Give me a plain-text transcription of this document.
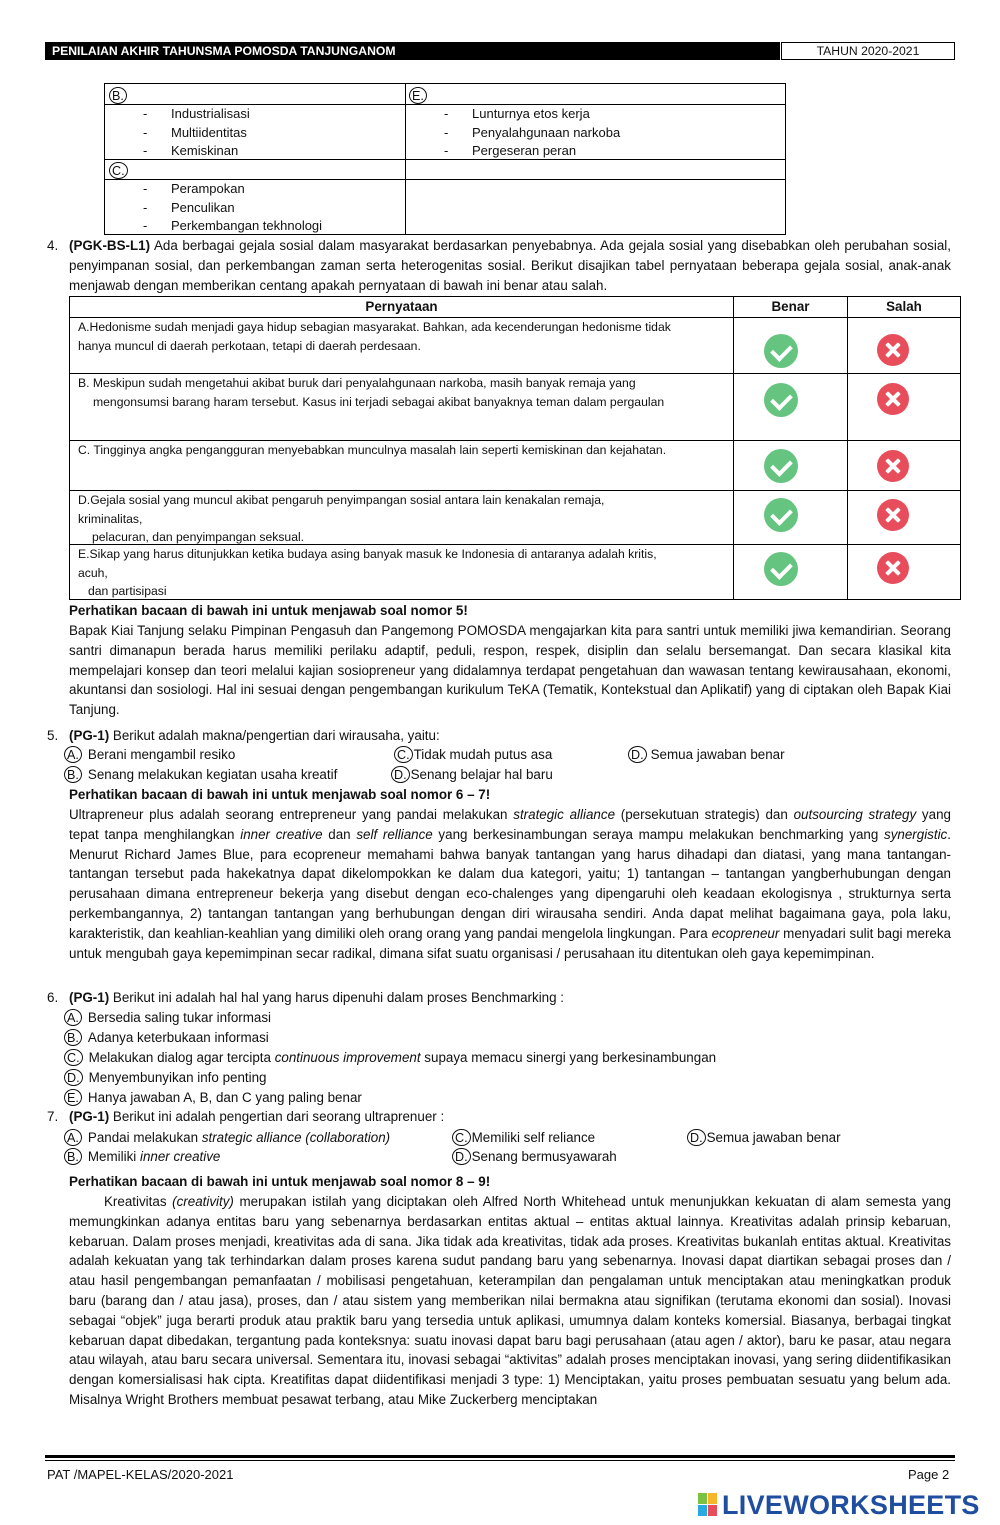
PENILAIAN AKHIR TAHUNSMA POMOSDA TANJUNGANOM	TAHUN 2020-2021
B.
- Industrialisasi
- Multiidentitas
- Kemiskinan
E.
- Lunturnya etos kerja
- Penyalahgunaan narkoba
- Pergeseran peran
C.
- Perampokan
- Penculikan
- Perkembangan tekhnologi
4. (PGK-BS-L1) Ada berbagai gejala sosial dalam masyarakat berdasarkan penyebabnya. Ada gejala sosial yang disebabkan oleh perubahan sosial, penyimpanan sosial, dan perkembangan zaman serta heterogenitas sosial. Berikut disajikan tabel pernyataan beberapa gejala sosial, anak-anak menjawab dengan memberikan centang apakah pernyataan di bawah ini benar atau salah.
Pernyataan	Benar	Salah
A.Hedonisme sudah menjadi gaya hidup sebagian masyarakat. Bahkan, ada kecenderungan hedonisme tidak
hanya muncul di daerah perkotaan, tetapi di daerah perdesaan.
B. Meskipun sudah mengetahui akibat buruk dari penyalahgunaan narkoba, masih banyak remaja yang
mengonsumsi barang haram tersebut. Kasus ini terjadi sebagai akibat banyaknya teman dalam pergaulan
C. Tingginya angka pengangguran menyebabkan munculnya masalah lain seperti kemiskinan dan kejahatan.
D.Gejala sosial yang muncul akibat pengaruh penyimpangan sosial antara lain kenakalan remaja,
kriminalitas,
pelacuran, dan penyimpangan seksual.
E.Sikap yang harus ditunjukkan ketika budaya asing banyak masuk ke Indonesia di antaranya adalah kritis,
acuh,
dan partisipasi
Perhatikan bacaan di bawah ini untuk menjawab soal nomor 5!
Bapak Kiai Tanjung selaku Pimpinan Pengasuh dan Pangemong POMOSDA mengajarkan kita para santri untuk memiliki jiwa kemandirian. Seorang santri dimanapun berada harus memiliki perilaku adaptif, peduli, respon, respek, disiplin dan selalu bersemangat. Dan secara klasikal kita mempelajari konsep dan teori melalui kajian sosiopreneur yang didalamnya terdapat pengetahuan dan wawasan tentang kewirausahaan, ekonomi, akuntansi dan sosiologi. Hal ini sesuai dengan pengembangan kurikulum TeKA (Tematik, Kontekstual dan Aplikatif) yang di ciptakan oleh Bapak Kiai Tanjung.
5. (PG-1) Berikut adalah makna/pengertian dari wirausaha, yaitu:
A. Berani mengambil resiko	C. Tidak mudah putus asa	D. Semua jawaban benar
B. Senang melakukan kegiatan usaha kreatif	D. Senang belajar hal baru
Perhatikan bacaan di bawah ini untuk menjawab soal nomor 6 – 7!
Ultrapreneur plus adalah seorang entrepreneur yang pandai melakukan strategic alliance (persekutuan strategis) dan outsourcing strategy yang tepat tanpa menghilangkan inner creative dan self relliance yang berkesinambungan seraya mampu melakukan benchmarking yang synergistic. Menurut Richard James Blue, para ecopreneur memahami bahwa banyak tantangan yang harus dihadapi dan diatasi, yang mana tantangan-tantangan tersebut pada hakekatnya dapat dikelompokkan ke dalam dua kategori, yaitu; 1) tantangan – tantangan yangberhubungan dengan perusahaan dimana entrepreneur bekerja yang disebut dengan eco-chalenges yang dipengaruhi oleh keadaan ekologisnya , strukturnya serta perkembangannya, 2) tantangan tantangan yang berhubungan dengan diri wirausaha sendiri. Anda dapat melihat bagaimana gaya, pola laku, karakteristik, dan keahlian-keahlian yang dimiliki oleh orang orang yang pandai mengelola lingkungan. Para ecopreneur menyadari sulit bagi mereka untuk mengubah gaya kepemimpinan secar radikal, dimana sifat suatu organisasi / perusahaan itu ditentukan oleh gaya kepemimpinan.
6. (PG-1) Berikut ini adalah hal hal yang harus dipenuhi dalam proses Benchmarking :
A. Bersedia saling tukar informasi
B. Adanya keterbukaan informasi
C. Melakukan dialog agar tercipta continuous improvement supaya memacu sinergi yang berkesinambungan
D. Menyembunyikan info penting
E. Hanya jawaban A, B, dan C yang paling benar
7. (PG-1) Berikut ini adalah pengertian dari seorang ultraprenuer :
A. Pandai melakukan strategic alliance (collaboration)	C. Memiliki self reliance	D. Semua jawaban benar
B. Memiliki inner creative	D. Senang bermusyawarah
Perhatikan bacaan di bawah ini untuk menjawab soal nomor 8 – 9!
Kreativitas (creativity) merupakan istilah yang diciptakan oleh Alfred North Whitehead untuk menunjukkan kekuatan di alam semesta yang memungkinkan adanya entitas baru yang sebenarnya berdasarkan entitas aktual – entitas aktual lainnya. Kreativitas adalah prinsip kebaruan, kebaruan. Dalam proses menjadi, kreativitas ada di sana. Jika tidak ada kreativitas, tidak ada proses. Kreativitas bukanlah entitas aktual. Kreativitas adalah kekuatan yang tak terhindarkan dalam proses karena sudut pandang baru yang sebenarnya. Inovasi dapat diartikan sebagai proses dan / atau hasil pengembangan pemanfaatan / mobilisasi pengetahuan, keterampilan dan pengalaman untuk menciptakan atau meningkatkan produk baru (barang dan / atau jasa), proses, dan / atau sistem yang memberikan nilai bermakna atau signifikan (terutama ekonomi dan sosial). Inovasi sebagai “objek” juga berarti produk atau praktik baru yang tersedia untuk aplikasi, umumnya dalam konteks komersial. Biasanya, berbagai tingkat kebaruan dapat dibedakan, tergantung pada konteksnya: suatu inovasi dapat baru bagi perusahaan (atau agen / aktor), baru ke pasar, atau negara atau wilayah, atau baru secara universal. Sementara itu, inovasi sebagai “aktivitas” adalah proses menciptakan inovasi, yang sering diidentifikasikan dengan komersialisasi hak cipta. Kreatifitas dapat diidentifikasi menjadi 3 type: 1) Menciptakan, yaitu proses pembuatan sesuatu yang belum ada. Misalnya Wright Brothers membuat pesawat terbang, atau Mike Zuckerberg menciptakan
PAT /MAPEL-KELAS/2020-2021	Page 2
LIVEWORKSHEETS
